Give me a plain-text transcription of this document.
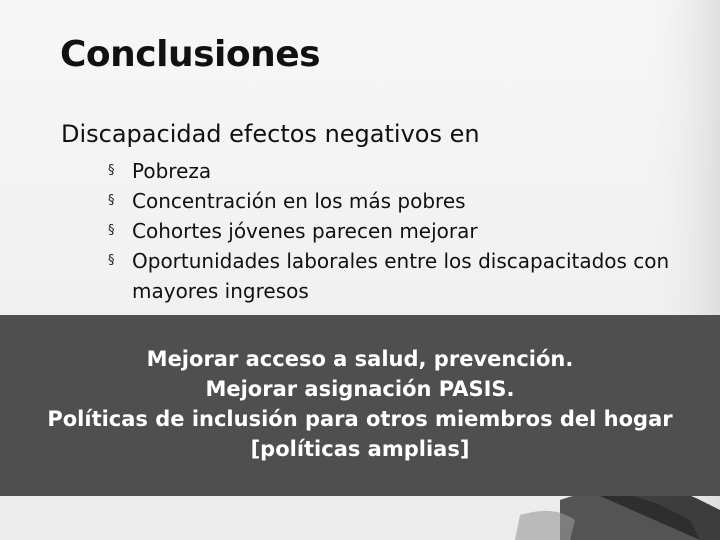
Conclusiones

Discapacidad efectos negativos en

§ Pobreza
§ Concentración en los más pobres
§ Cohortes jóvenes parecen mejorar
§ Oportunidades laborales entre los discapacitados con mayores ingresos
Mejorar acceso a salud, prevención.
Mejorar asignación PASIS.
Políticas de inclusión para otros miembros del hogar
[políticas amplias]
